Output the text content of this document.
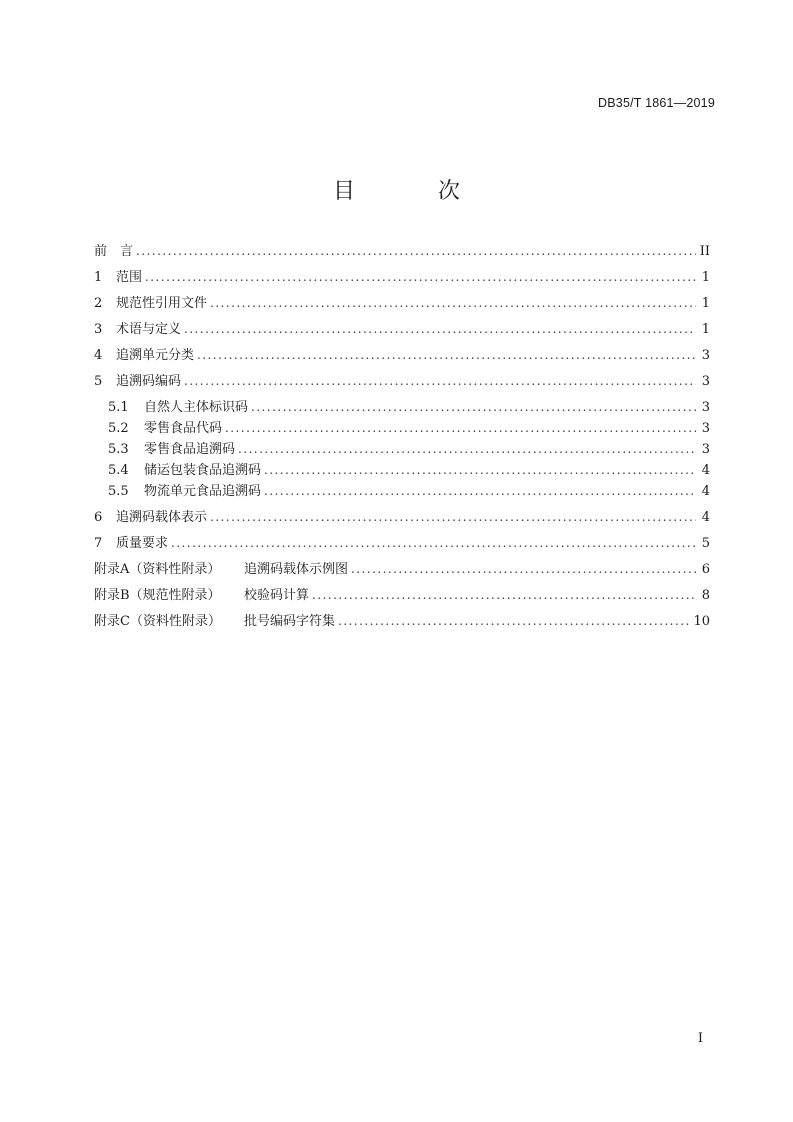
DB35/T 1861—2019
目 次
前　言 .....	II
1	范围 .....	1
2	规范性引用文件 .....	1
3	术语与定义 .....	1
4	追溯单元分类 .....	3
5	追溯码编码 .....	3
5.1	自然人主体标识码 .....	3
5.2	零售食品代码 .....	3
5.3	零售食品追溯码 .....	3
5.4	储运包装食品追溯码 .....	4
5.5	物流单元食品追溯码 .....	4
6	追溯码载体表示 .....	4
7	质量要求 .....	5
附录A（资料性附录）	追溯码载体示例图 .....	6
附录B（规范性附录）	校验码计算 .....	8
附录C（资料性附录）	批号编码字符集 .....	10
I
